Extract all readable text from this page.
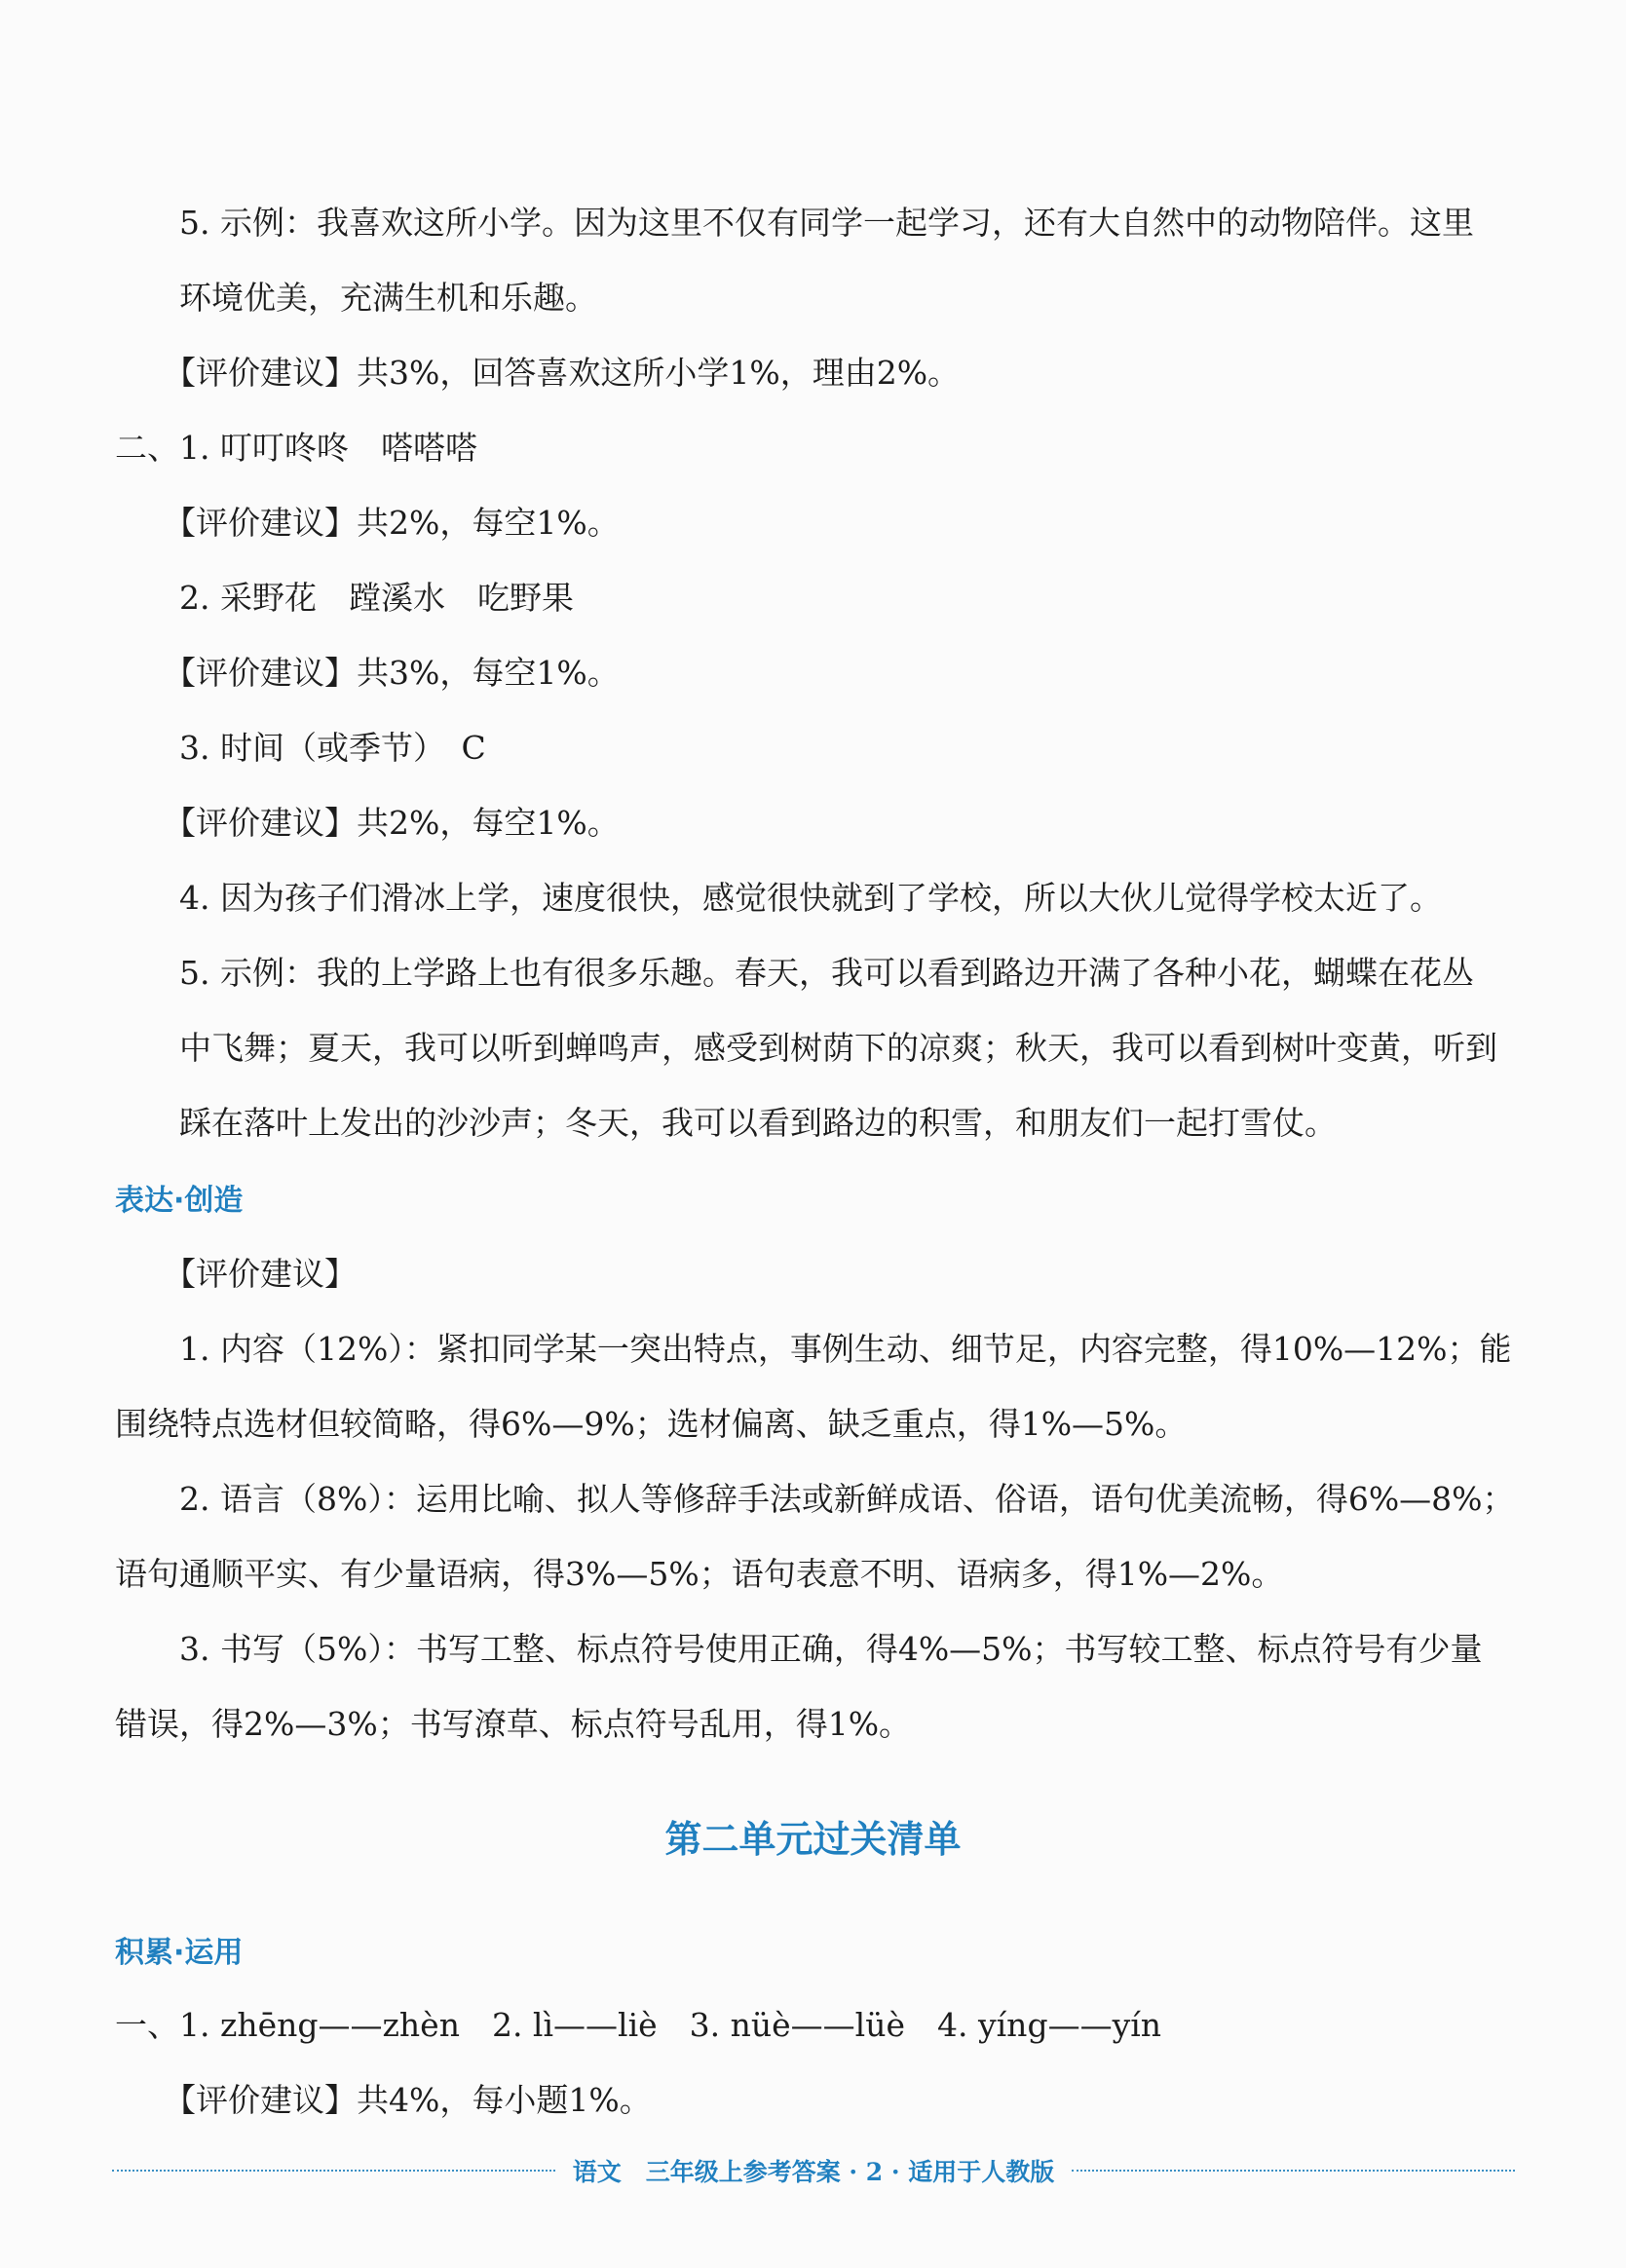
5. 示例：我喜欢这所小学。因为这里不仅有同学一起学习，还有大自然中的动物陪伴。这里

环境优美，充满生机和乐趣。

【评价建议】共3%，回答喜欢这所小学1%，理由2%。

二、1. 叮叮咚咚　嗒嗒嗒

【评价建议】共2%，每空1%。

2. 采野花　蹚溪水　吃野果

【评价建议】共3%，每空1%。

3. 时间（或季节）　C

【评价建议】共2%，每空1%。

4. 因为孩子们滑冰上学，速度很快，感觉很快就到了学校，所以大伙儿觉得学校太近了。

5. 示例：我的上学路上也有很多乐趣。春天，我可以看到路边开满了各种小花，蝴蝶在花丛

中飞舞；夏天，我可以听到蝉鸣声，感受到树荫下的凉爽；秋天，我可以看到树叶变黄，听到

踩在落叶上发出的沙沙声；冬天，我可以看到路边的积雪，和朋友们一起打雪仗。

表达·创造

【评价建议】

1. 内容（12%）：紧扣同学某一突出特点，事例生动、细节足，内容完整，得10%—12%；能

围绕特点选材但较简略，得6%—9%；选材偏离、缺乏重点，得1%—5%。

2. 语言（8%）：运用比喻、拟人等修辞手法或新鲜成语、俗语，语句优美流畅，得6%—8%；

语句通顺平实、有少量语病，得3%—5%；语句表意不明、语病多，得1%—2%。

3. 书写（5%）：书写工整、标点符号使用正确，得4%—5%；书写较工整、标点符号有少量

错误，得2%—3%；书写潦草、标点符号乱用，得1%。

第二单元过关清单
积累·运用

一、1. zhēng——zhèn　2. lì——liè　3. nüè——lüè　4. yíng——yín

【评价建议】共4%，每小题1%。

语文　三年级上参考答案 · 2 · 适用于人教版
